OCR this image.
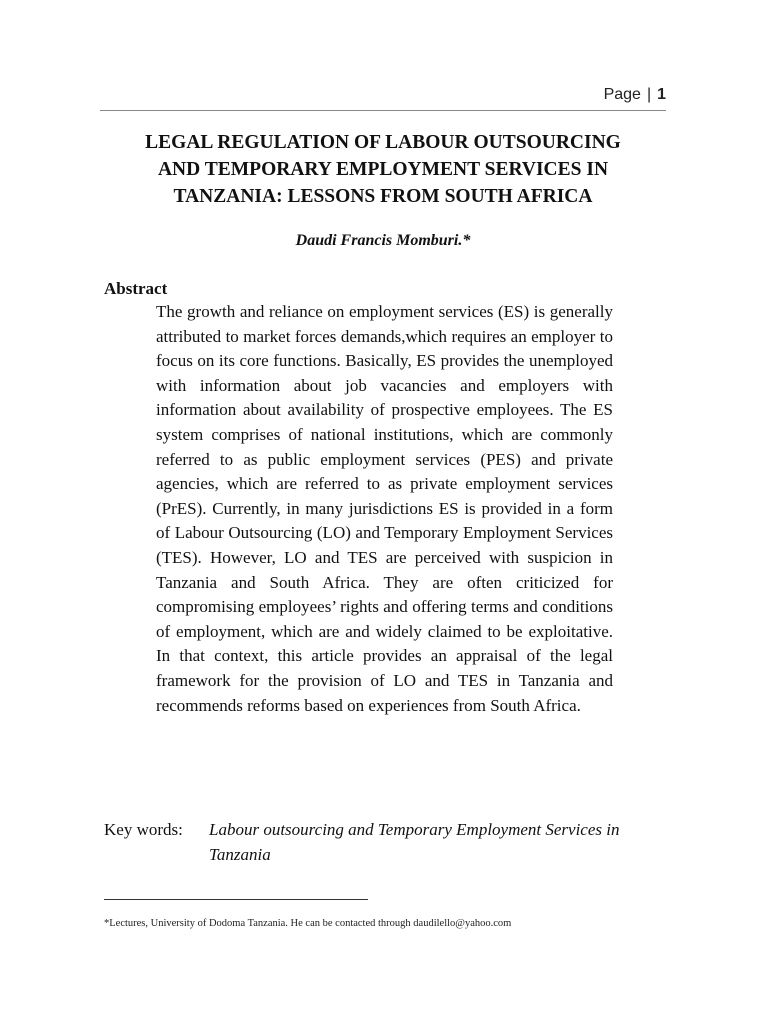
Page | 1
LEGAL REGULATION OF LABOUR OUTSOURCING
AND TEMPORARY EMPLOYMENT SERVICES IN
TANZANIA: LESSONS FROM SOUTH AFRICA
Daudi Francis Momburi.*
Abstract

The growth and reliance on employment services (ES) is generally attributed to market forces demands,which requires an employer to focus on its core functions. Basically, ES provides the unemployed with information about job vacancies and employers with information about availability of prospective employees. The ES system comprises of national institutions, which are commonly referred to as public employment services (PES) and private agencies, which are referred to as private employment services (PrES). Currently, in many jurisdictions ES is provided in a form of Labour Outsourcing (LO) and Temporary Employment Services (TES). However, LO and TES are perceived with suspicion in Tanzania and South Africa. They are often criticized for compromising employees’ rights and offering terms and conditions of employment, which are and widely claimed to be exploitative. In that context, this article provides an appraisal of the legal framework for the provision of LO and TES in Tanzania and recommends reforms based on experiences from South Africa.

Key words: Labour outsourcing and Temporary Employment Services in Tanzania
*Lectures, University of Dodoma Tanzania. He can be contacted through daudilello@yahoo.com
